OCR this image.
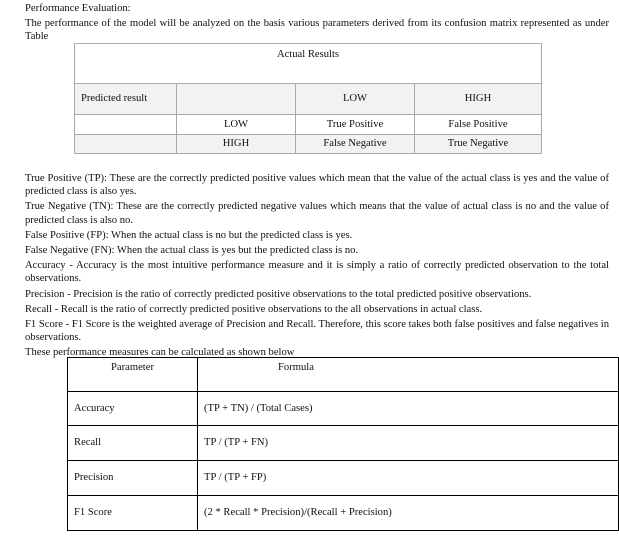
Performance Evaluation:

The performance of the model will be analyzed on the basis various parameters derived from its confusion matrix represented as under Table

Actual Results			
Predicted result		LOW	HIGH
	LOW	True Positive	False Positive
	HIGH	False Negative	True Negative

True Positive (TP): These are the correctly predicted positive values which mean that the value of the actual class is yes and the value of predicted class is also yes.

True Negative (TN): These are the correctly predicted negative values which means that the value of actual class is no and the value of predicted class is also no.

False Positive (FP): When the actual class is no but the predicted class is yes.

False Negative (FN): When the actual class is yes but the predicted class is no.

Accuracy - Accuracy is the most intuitive performance measure and it is simply a ratio of correctly predicted observation to the total observations.

Precision - Precision is the ratio of correctly predicted positive observations to the total predicted positive observations.

Recall - Recall is the ratio of correctly predicted positive observations to the all observations in actual class.

F1 Score - F1 Score is the weighted average of Precision and Recall. Therefore, this score takes both false positives and false negatives in observations.

These performance measures can be calculated as shown below

Parameter	Formula
Accuracy	(TP + TN) / (Total Cases)
Recall	TP / (TP + FN)
Precision	TP / (TP + FP)
F1 Score	(2 * Recall * Precision)/(Recall + Precision)
